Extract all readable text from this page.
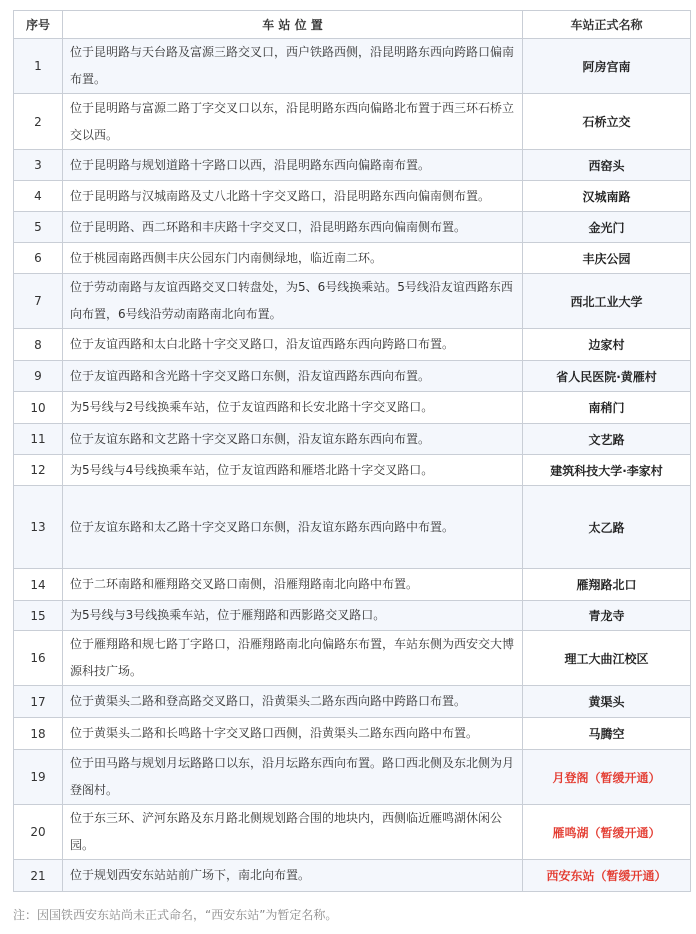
序号	车 站 位 置	车站正式名称
1	位于昆明路与天台路及富源三路交叉口，西户铁路西侧，沿昆明路东西向跨路口偏南布置。	阿房宫南
2	位于昆明路与富源二路丁字交叉口以东，沿昆明路东西向偏路北布置于西三环石桥立交以西。	石桥立交
3	位于昆明路与规划道路十字路口以西，沿昆明路东西向偏路南布置。	西窑头
4	位于昆明路与汉城南路及丈八北路十字交叉路口，沿昆明路东西向偏南侧布置。	汉城南路
5	位于昆明路、西二环路和丰庆路十字交叉口，沿昆明路东西向偏南侧布置。	金光门
6	位于桃园南路西侧丰庆公园东门内南侧绿地，临近南二环。	丰庆公园
7	位于劳动南路与友谊西路交叉口转盘处，为5、6号线换乘站。5号线沿友谊西路东西向布置，6号线沿劳动南路南北向布置。	西北工业大学
8	位于友谊西路和太白北路十字交叉路口，沿友谊西路东西向跨路口布置。	边家村
9	位于友谊西路和含光路十字交叉路口东侧，沿友谊西路东西向布置。	省人民医院·黄雁村
10	为5号线与2号线换乘车站，位于友谊西路和长安北路十字交叉路口。	南稍门
11	位于友谊东路和文艺路十字交叉路口东侧，沿友谊东路东西向布置。	文艺路
12	为5号线与4号线换乘车站，位于友谊西路和雁塔北路十字交叉路口。	建筑科技大学·李家村
13	位于友谊东路和太乙路十字交叉路口东侧，沿友谊东路东西向路中布置。	太乙路
14	位于二环南路和雁翔路交叉路口南侧，沿雁翔路南北向路中布置。	雁翔路北口
15	为5号线与3号线换乘车站，位于雁翔路和西影路交叉路口。	青龙寺
16	位于雁翔路和规七路丁字路口，沿雁翔路南北向偏路东布置，车站东侧为西安交大博源科技广场。	理工大曲江校区
17	位于黄渠头二路和登高路交叉路口，沿黄渠头二路东西向路中跨路口布置。	黄渠头
18	位于黄渠头二路和长鸣路十字交叉路口西侧，沿黄渠头二路东西向路中布置。	马腾空
19	位于田马路与规划月坛路路口以东，沿月坛路东西向布置。路口西北侧及东北侧为月登阁村。	月登阁（暂缓开通）
20	位于东三环、浐河东路及东月路北侧规划路合围的地块内，西侧临近雁鸣湖休闲公园。	雁鸣湖（暂缓开通）
21	位于规划西安东站站前广场下，南北向布置。	西安东站（暂缓开通）
注：因国铁西安东站尚未正式命名，“西安东站”为暂定名称。
